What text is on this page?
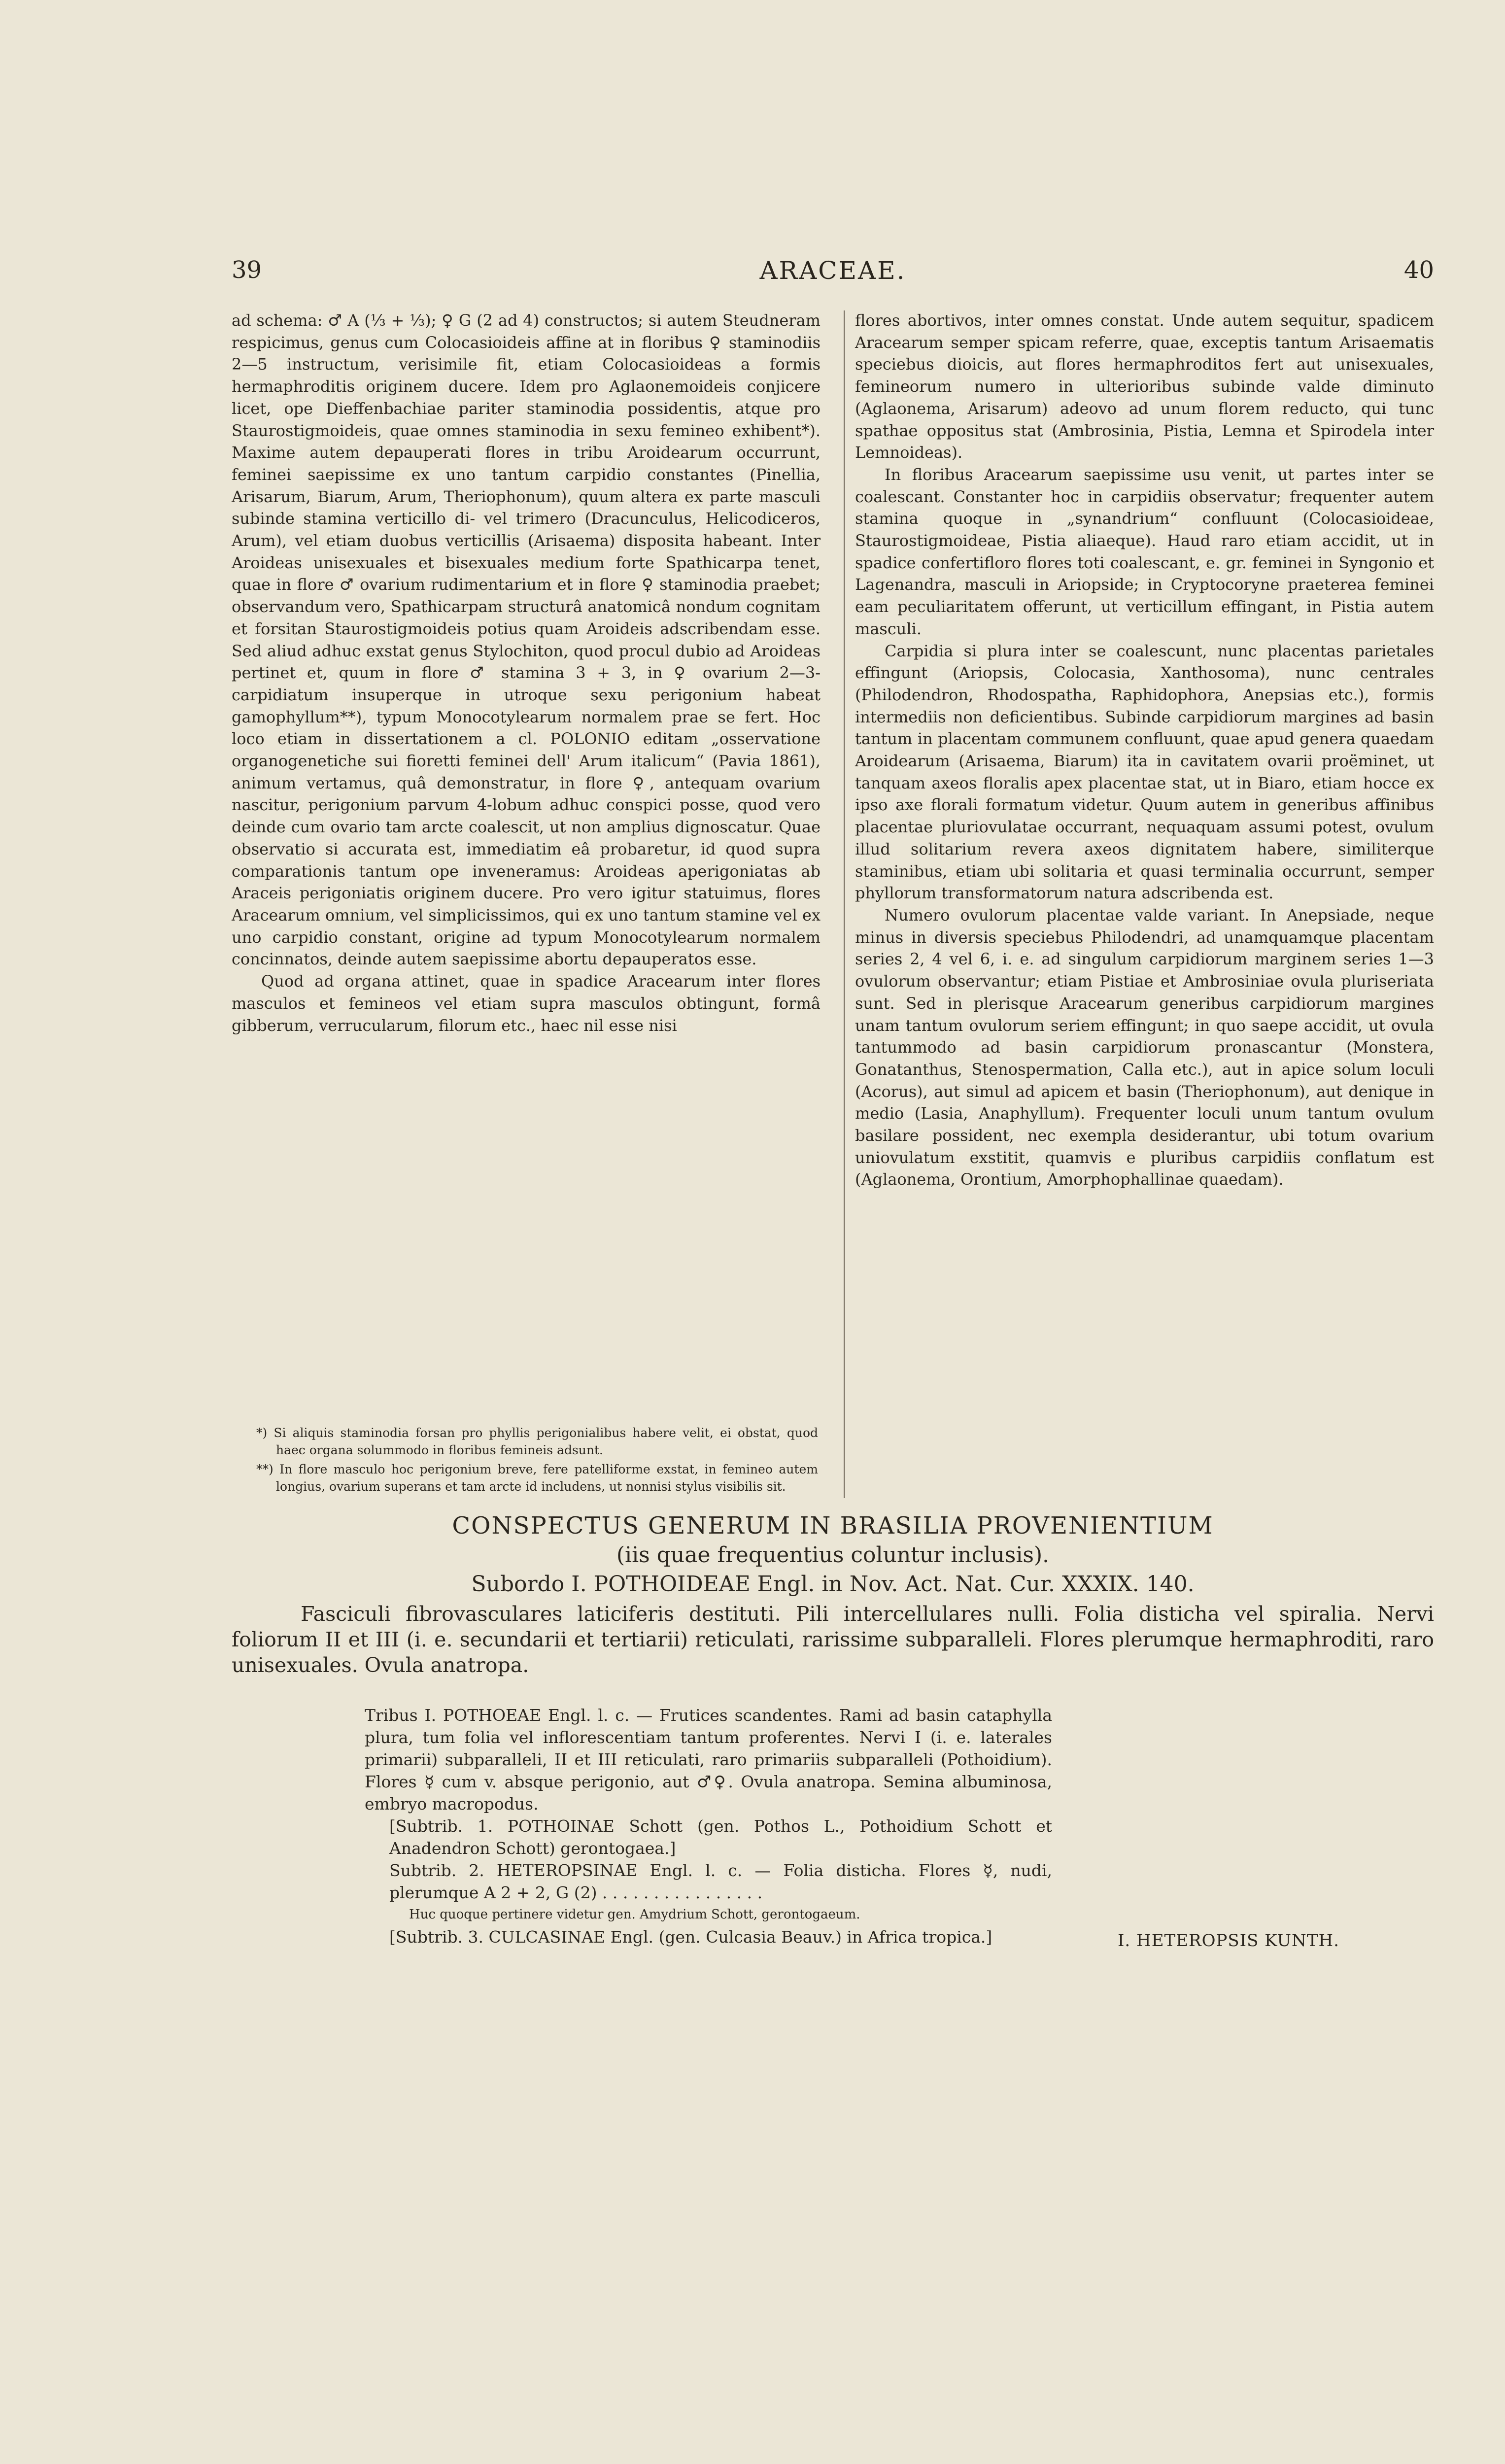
39	ARACEAE.	40

ad schema: ♂ A (⅓ + ⅓); ♀ G (2 ad 4) constructos; si autem Steudneram respicimus, genus cum Colocasioideis affine at in floribus ♀ staminodiis 2—5 instructum, verisimile fit, etiam Colocasioideas a formis hermaphroditis originem ducere. Idem pro Aglaonemoideis conjicere licet, ope Dieffenbachiae pariter staminodia possidentis, atque pro Staurostigmoideis, quae omnes staminodia in sexu femineo exhibent*). Maxime autem depauperati flores in tribu Aroidearum occurrunt, feminei saepissime ex uno tantum carpidio constantes (Pinellia, Arisarum, Biarum, Arum, Theriophonum), quum altera ex parte masculi subinde stamina verticillo di- vel trimero (Dracunculus, Helicodiceros, Arum), vel etiam duobus verticillis (Arisaema) disposita habeant. Inter Aroideas unisexuales et bisexuales medium forte Spathicarpa tenet, quae in flore ♂ ovarium rudimentarium et in flore ♀ staminodia praebet; observandum vero, Spathicarpam structurâ anatomicâ nondum cognitam et forsitan Staurostigmoideis potius quam Aroideis adscribendam esse. Sed aliud adhuc exstat genus Stylochiton, quod procul dubio ad Aroideas pertinet et, quum in flore ♂ stamina 3 + 3, in ♀ ovarium 2—3-carpidiatum insuperque in utroque sexu perigonium habeat gamophyllum**), typum Monocotylearum normalem prae se fert. Hoc loco etiam in dissertationem a cl. POLONIO editam „osservatione organogenetiche sui fioretti feminei dell' Arum italicum“ (Pavia 1861), animum vertamus, quâ demonstratur, in flore ♀, antequam ovarium nascitur, perigonium parvum 4-lobum adhuc conspici posse, quod vero deinde cum ovario tam arcte coalescit, ut non amplius dignoscatur. Quae observatio si accurata est, immediatim eâ probaretur, id quod supra comparationis tantum ope inveneramus: Aroideas aperigoniatas ab Araceis perigoniatis originem ducere. Pro vero igitur statuimus, flores Aracearum omnium, vel simplicissimos, qui ex uno tantum stamine vel ex uno carpidio constant, origine ad typum Monocotylearum normalem concinnatos, deinde autem saepissime abortu depauperatos esse.

Quod ad organa attinet, quae in spadice Aracearum inter flores masculos et femineos vel etiam supra masculos obtingunt, formâ gibberum, verrucularum, filorum etc., haec nil esse nisi

*) Si aliquis staminodia forsan pro phyllis perigonialibus habere velit, ei obstat, quod haec organa solummodo in floribus femineis adsunt.

**) In flore masculo hoc perigonium breve, fere patelliforme exstat, in femineo autem longius, ovarium superans et tam arcte id includens, ut nonnisi stylus visibilis sit.

flores abortivos, inter omnes constat. Unde autem sequitur, spadicem Aracearum semper spicam referre, quae, exceptis tantum Arisaematis speciebus dioicis, aut flores hermaphroditos fert aut unisexuales, femineorum numero in ulterioribus subinde valde diminuto (Aglaonema, Arisarum) adeovo ad unum florem reducto, qui tunc spathae oppositus stat (Ambrosinia, Pistia, Lemna et Spirodela inter Lemnoideas).

In floribus Aracearum saepissime usu venit, ut partes inter se coalescant. Constanter hoc in carpidiis observatur; frequenter autem stamina quoque in „synandrium“ confluunt (Colocasioideae, Staurostigmoideae, Pistia aliaeque). Haud raro etiam accidit, ut in spadice confertifloro flores toti coalescant, e. gr. feminei in Syngonio et Lagenandra, masculi in Ariopside; in Cryptocoryne praeterea feminei eam peculiaritatem offerunt, ut verticillum effingant, in Pistia autem masculi.

Carpidia si plura inter se coalescunt, nunc placentas parietales effingunt (Ariopsis, Colocasia, Xanthosoma), nunc centrales (Philodendron, Rhodospatha, Raphidophora, Anepsias etc.), formis intermediis non deficientibus. Subinde carpidiorum margines ad basin tantum in placentam communem confluunt, quae apud genera quaedam Aroidearum (Arisaema, Biarum) ita in cavitatem ovarii proëminet, ut tanquam axeos floralis apex placentae stat, ut in Biaro, etiam hocce ex ipso axe florali formatum videtur. Quum autem in generibus affinibus placentae pluriovulatae occurrant, nequaquam assumi potest, ovulum illud solitarium revera axeos dignitatem habere, similiterque staminibus, etiam ubi solitaria et quasi terminalia occurrunt, semper phyllorum transformatorum natura adscribenda est.

Numero ovulorum placentae valde variant. In Anepsiade, neque minus in diversis speciebus Philodendri, ad unamquamque placentam series 2, 4 vel 6, i. e. ad singulum carpidiorum marginem series 1—3 ovulorum observantur; etiam Pistiae et Ambrosiniae ovula pluriseriata sunt. Sed in plerisque Aracearum generibus carpidiorum margines unam tantum ovulorum seriem effingunt; in quo saepe accidit, ut ovula tantummodo ad basin carpidiorum pronascantur (Monstera, Gonatanthus, Stenospermation, Calla etc.), aut in apice solum loculi (Acorus), aut simul ad apicem et basin (Theriophonum), aut denique in medio (Lasia, Anaphyllum). Frequenter loculi unum tantum ovulum basilare possident, nec exempla desiderantur, ubi totum ovarium uniovulatum exstitit, quamvis e pluribus carpidiis conflatum est (Aglaonema, Orontium, Amorphophallinae quaedam).

CONSPECTUS GENERUM IN BRASILIA PROVENIENTIUM
(iis quae frequentius coluntur inclusis).
Subordo I. POTHOIDEAE Engl. in Nov. Act. Nat. Cur. XXXIX. 140.
Fasciculi fibrovasculares laticiferis destituti. Pili intercellulares nulli. Folia disticha vel spiralia. Nervi foliorum II et III (i. e. secundarii et tertiarii) reticulati, rarissime subparalleli. Flores plerumque hermaphroditi, raro unisexuales. Ovula anatropa.

Tribus I. POTHOEAE Engl. l. c. — Frutices scandentes. Rami ad basin cataphylla plura, tum folia vel inflorescentiam tantum proferentes. Nervi I (i. e. laterales primarii) subparalleli, II et III reticulati, raro primariis subparalleli (Pothoidium). Flores ☿ cum v. absque perigonio, aut ♂♀. Ovula anatropa. Semina albuminosa, embryo macropodus.

[Subtrib. 1. POTHOINAE Schott (gen. Pothos L., Pothoidium Schott et Anadendron Schott) gerontogaea.]

Subtrib. 2. HETEROPSINAE Engl. l. c. — Folia disticha. Flores ☿, nudi, plerumque A 2 + 2, G (2) . . . . . . . . . . . . . . . .

Huc quoque pertinere videtur gen. Amydrium Schott, gerontogaeum.

[Subtrib. 3. CULCASINAE Engl. (gen. Culcasia Beauv.) in Africa tropica.]	I. HETEROPSIS KUNTH.
